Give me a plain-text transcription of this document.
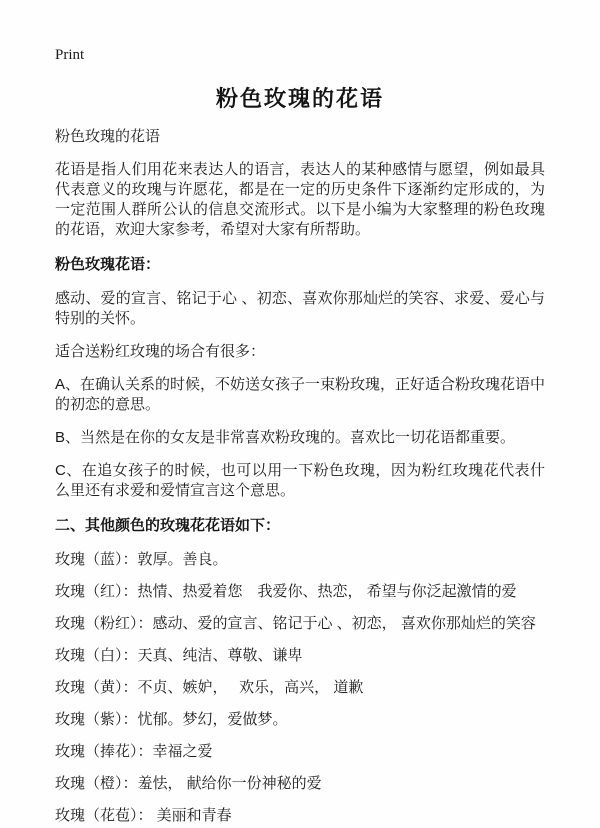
Print
粉色玫瑰的花语

粉色玫瑰的花语

花语是指人们用花来表达人的语言，表达人的某种感情与愿望，例如最具代表意义的玫瑰与许愿花，都是在一定的历史条件下逐渐约定形成的，为一定范围人群所公认的信息交流形式。以下是小编为大家整理的粉色玫瑰的花语，欢迎大家参考，希望对大家有所帮助。

粉色玫瑰花语：

感动、爱的宣言、铭记于心 、初恋、喜欢你那灿烂的笑容、求爱、爱心与特别的关怀。

适合送粉红玫瑰的场合有很多：

A、在确认关系的时候，不妨送女孩子一束粉玫瑰，正好适合粉玫瑰花语中的初恋的意思。

B、当然是在你的女友是非常喜欢粉玫瑰的。喜欢比一切花语都重要。

C、在追女孩子的时候，也可以用一下粉色玫瑰，因为粉红玫瑰花代表什么里还有求爱和爱情宣言这个意思。

二、其他颜色的玫瑰花花语如下：

玫瑰（蓝）：敦厚。善良。

玫瑰（红）：热情、热爱着您　我爱你、热恋， 希望与你泛起激情的爱

玫瑰（粉红）：感动、爱的宣言、铭记于心 、初恋， 喜欢你那灿烂的笑容

玫瑰（白）：天真、纯洁、尊敬、谦卑

玫瑰（黄）：不贞、嫉妒，　 欢乐，高兴， 道歉

玫瑰（紫）：忧郁。梦幻，爱做梦。

玫瑰（捧花）：幸福之爱

玫瑰（橙）：羞怯， 献给你一份神秘的爱

玫瑰（花苞）： 美丽和青春
